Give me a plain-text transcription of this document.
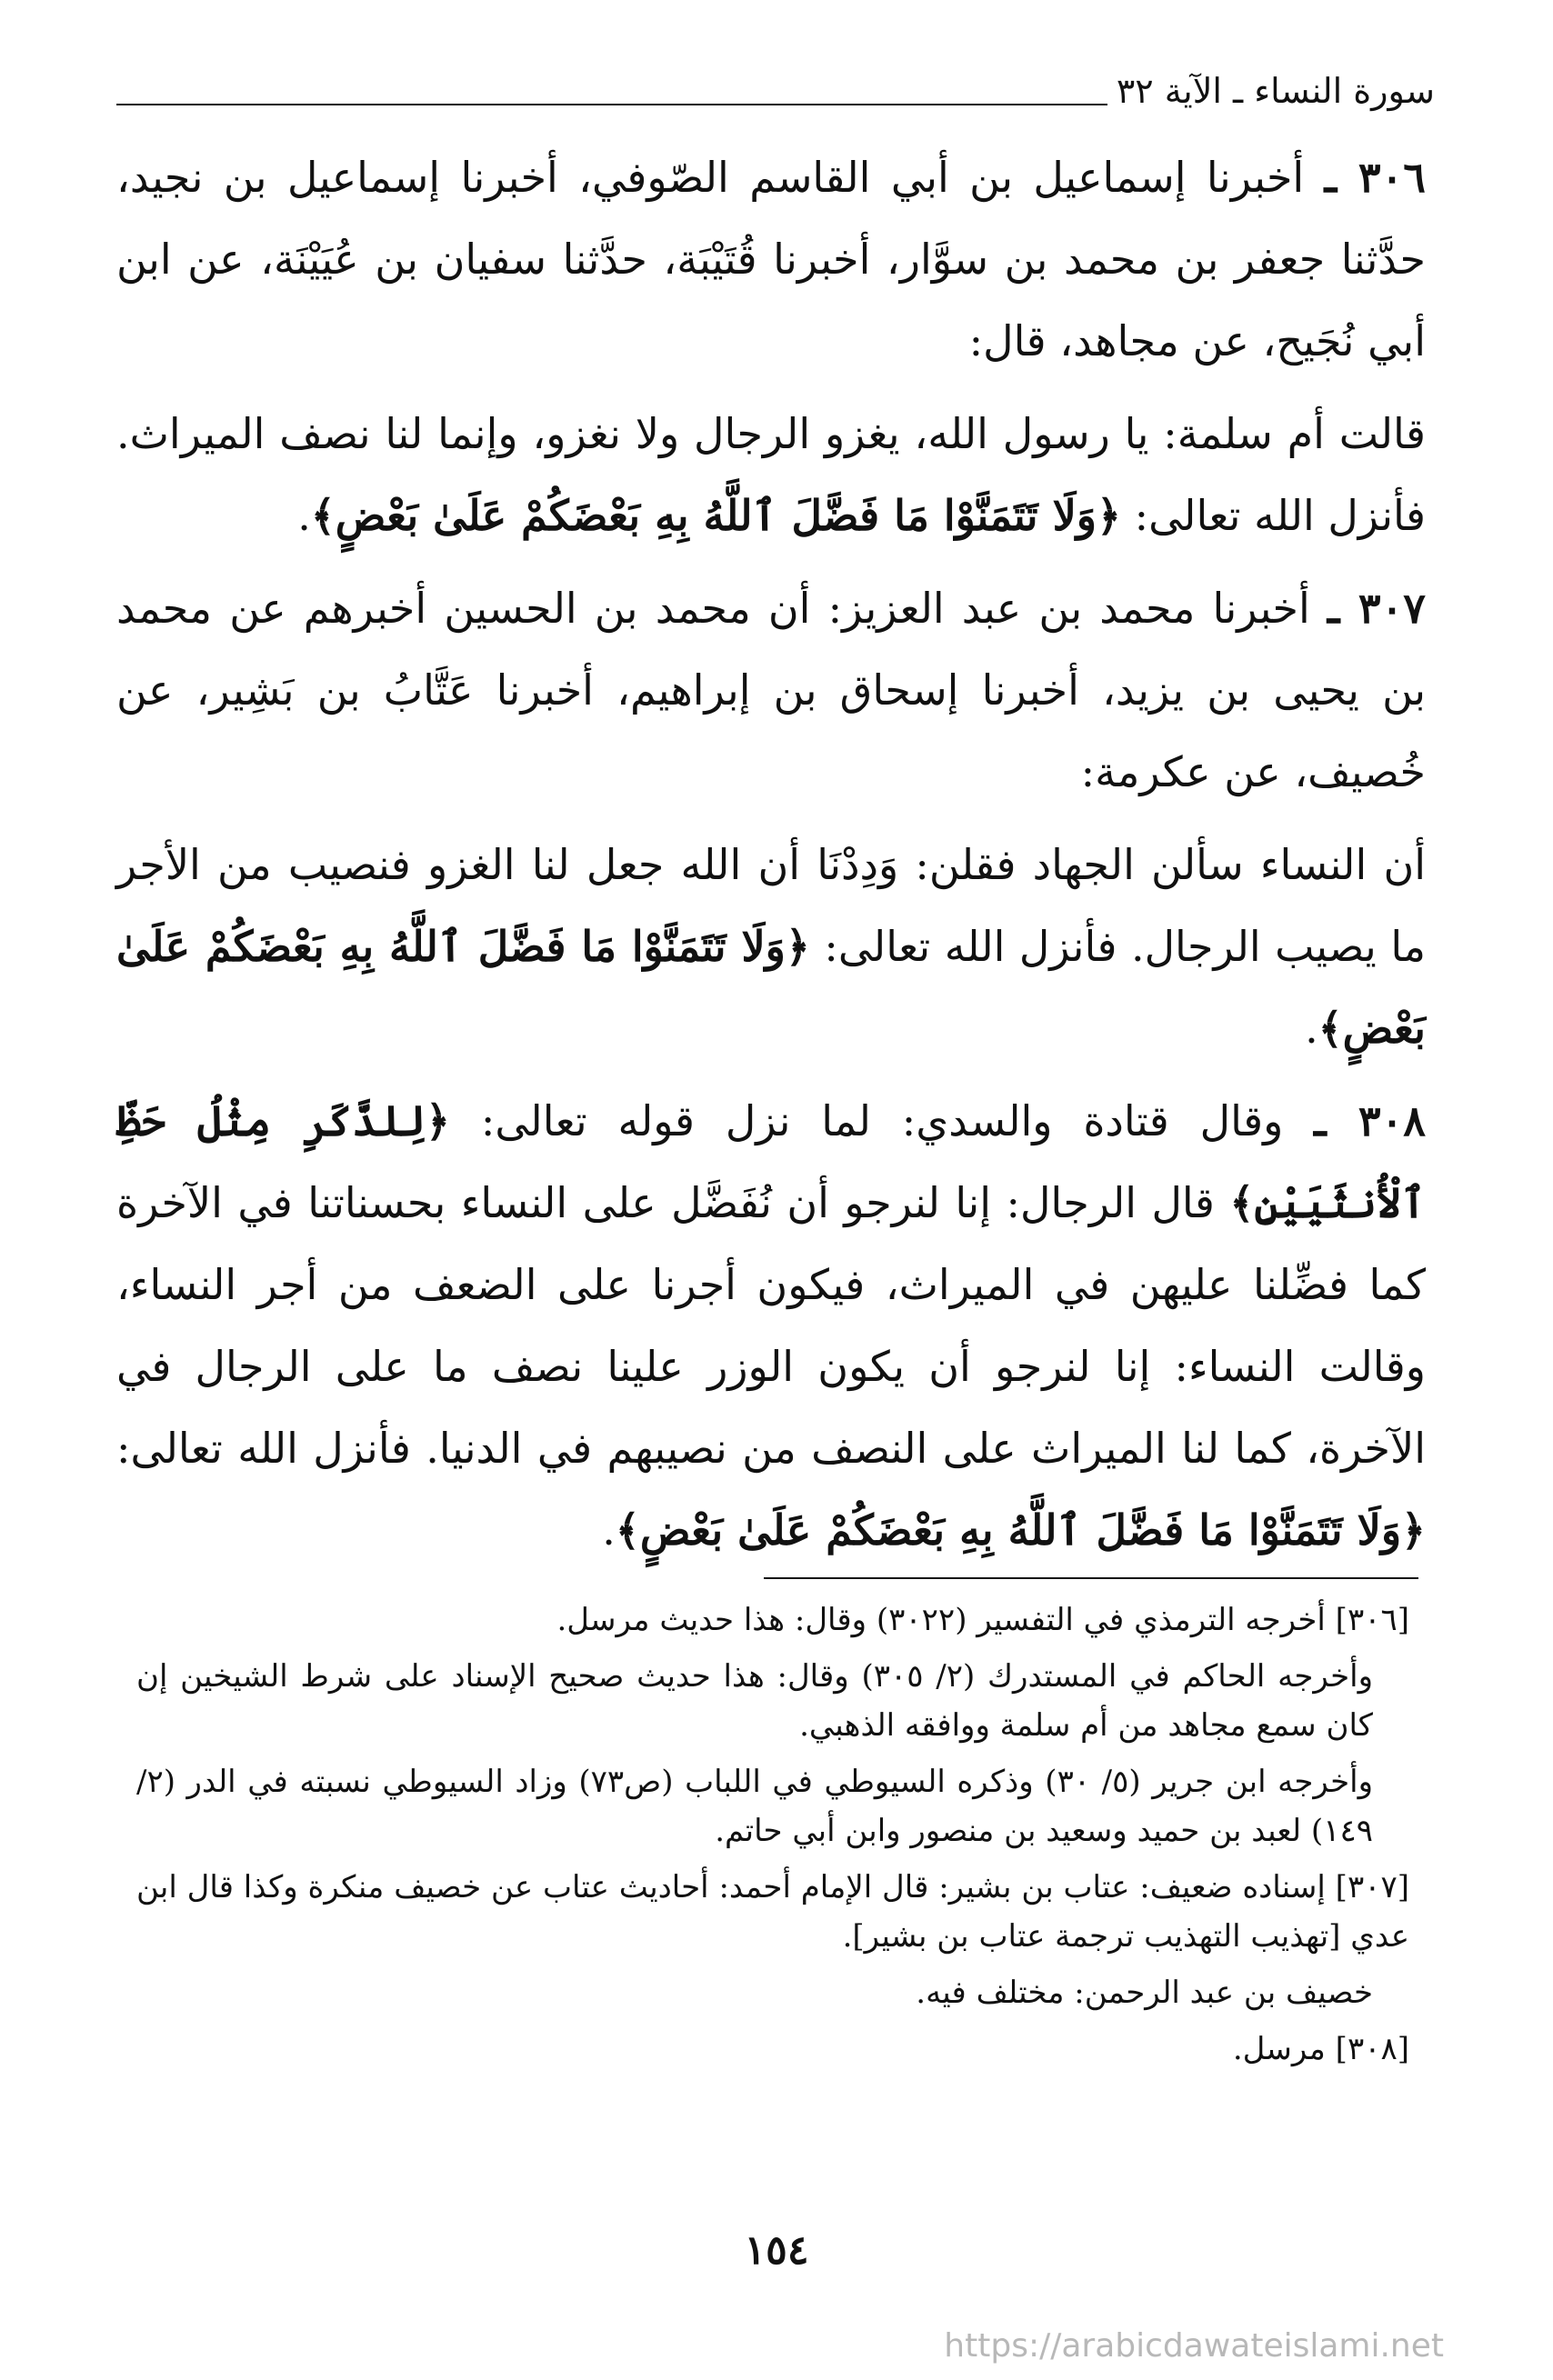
سورة النساء ـ الآية ٣٢

٣٠٦ ـ أخبرنا إسماعيل بن أبي القاسم الصّوفي، أخبرنا إسماعيل بن نجيد، حدَّثنا جعفر بن محمد بن سوَّار، أخبرنا قُتَيْبَة، حدَّثنا سفيان بن عُيَيْنَة، عن ابن أبي نُجَيح، عن مجاهد، قال:

قالت أم سلمة: يا رسول الله، يغزو الرجال ولا نغزو، وإنما لنا نصف الميراث. فأنزل الله تعالى: ﴿وَلَا تَتَمَنَّوْا مَا فَضَّلَ ٱللَّهُ بِهِ بَعْضَكُمْ عَلَىٰ بَعْضٍ﴾.

٣٠٧ ـ أخبرنا محمد بن عبد العزيز: أن محمد بن الحسين أخبرهم عن محمد بن يحيى بن يزيد، أخبرنا إسحاق بن إبراهيم، أخبرنا عَتَّابُ بن بَشِير، عن خُصيف، عن عكرمة:

أن النساء سألن الجهاد فقلن: وَدِدْنَا أن الله جعل لنا الغزو فنصيب من الأجر ما يصيب الرجال. فأنزل الله تعالى: ﴿وَلَا تَتَمَنَّوْا مَا فَضَّلَ ٱللَّهُ بِهِ بَعْضَكُمْ عَلَىٰ بَعْضٍ﴾.

٣٠٨ ـ وقال قتادة والسدي: لما نزل قوله تعالى: ﴿لِلذَّكَرِ مِثْلُ حَظِّ ٱلْأُنثَيَيْنِ﴾ قال الرجال: إنا لنرجو أن نُفَضَّل على النساء بحسناتنا في الآخرة كما فضِّلنا عليهن في الميراث، فيكون أجرنا على الضعف من أجر النساء، وقالت النساء: إنا لنرجو أن يكون الوزر علينا نصف ما على الرجال في الآخرة، كما لنا الميراث على النصف من نصيبهم في الدنيا. فأنزل الله تعالى: ﴿وَلَا تَتَمَنَّوْا مَا فَضَّلَ ٱللَّهُ بِهِ بَعْضَكُمْ عَلَىٰ بَعْضٍ﴾.

[٣٠٦] أخرجه الترمذي في التفسير (٣٠٢٢) وقال: هذا حديث مرسل.

وأخرجه الحاكم في المستدرك (٢/ ٣٠٥) وقال: هذا حديث صحيح الإسناد على شرط الشيخين إن كان سمع مجاهد من أم سلمة ووافقه الذهبي.

وأخرجه ابن جرير (٥/ ٣٠) وذكره السيوطي في اللباب (ص٧٣) وزاد السيوطي نسبته في الدر (٢/ ١٤٩) لعبد بن حميد وسعيد بن منصور وابن أبي حاتم.

[٣٠٧] إسناده ضعيف: عتاب بن بشير: قال الإمام أحمد: أحاديث عتاب عن خصيف منكرة وكذا قال ابن عدي [تهذيب التهذيب ترجمة عتاب بن بشير].

خصيف بن عبد الرحمن: مختلف فيه.

[٣٠٨] مرسل.

١٥٤
https://arabicdawateislami.net
